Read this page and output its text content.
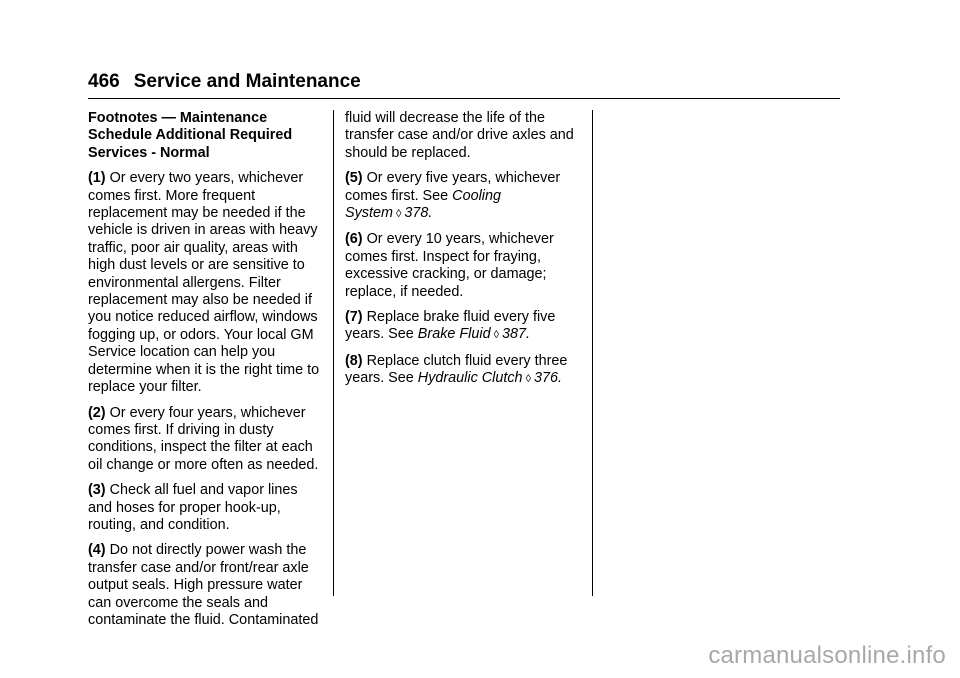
466 Service and Maintenance
Footnotes — Maintenance Schedule Additional Required Services - Normal

(1) Or every two years, whichever comes first. More frequent replacement may be needed if the vehicle is driven in areas with heavy traffic, poor air quality, areas with high dust levels or are sensitive to environmental allergens. Filter replacement may also be needed if you notice reduced airflow, windows fogging up, or odors. Your local GM Service location can help you determine when it is the right time to replace your filter.

(2) Or every four years, whichever comes first. If driving in dusty conditions, inspect the filter at each oil change or more often as needed.

(3) Check all fuel and vapor lines and hoses for proper hook-up, routing, and condition.

(4) Do not directly power wash the transfer case and/or front/rear axle output seals. High pressure water can overcome the seals and contaminate the fluid. Contaminated

fluid will decrease the life of the transfer case and/or drive axles and should be replaced.

(5) Or every five years, whichever comes first. See Cooling System ◊ 378.

(6) Or every 10 years, whichever comes first. Inspect for fraying, excessive cracking, or damage; replace, if needed.

(7) Replace brake fluid every five years. See Brake Fluid ◊ 387.

(8) Replace clutch fluid every three years. See Hydraulic Clutch ◊ 376.

carmanualsonline.info
